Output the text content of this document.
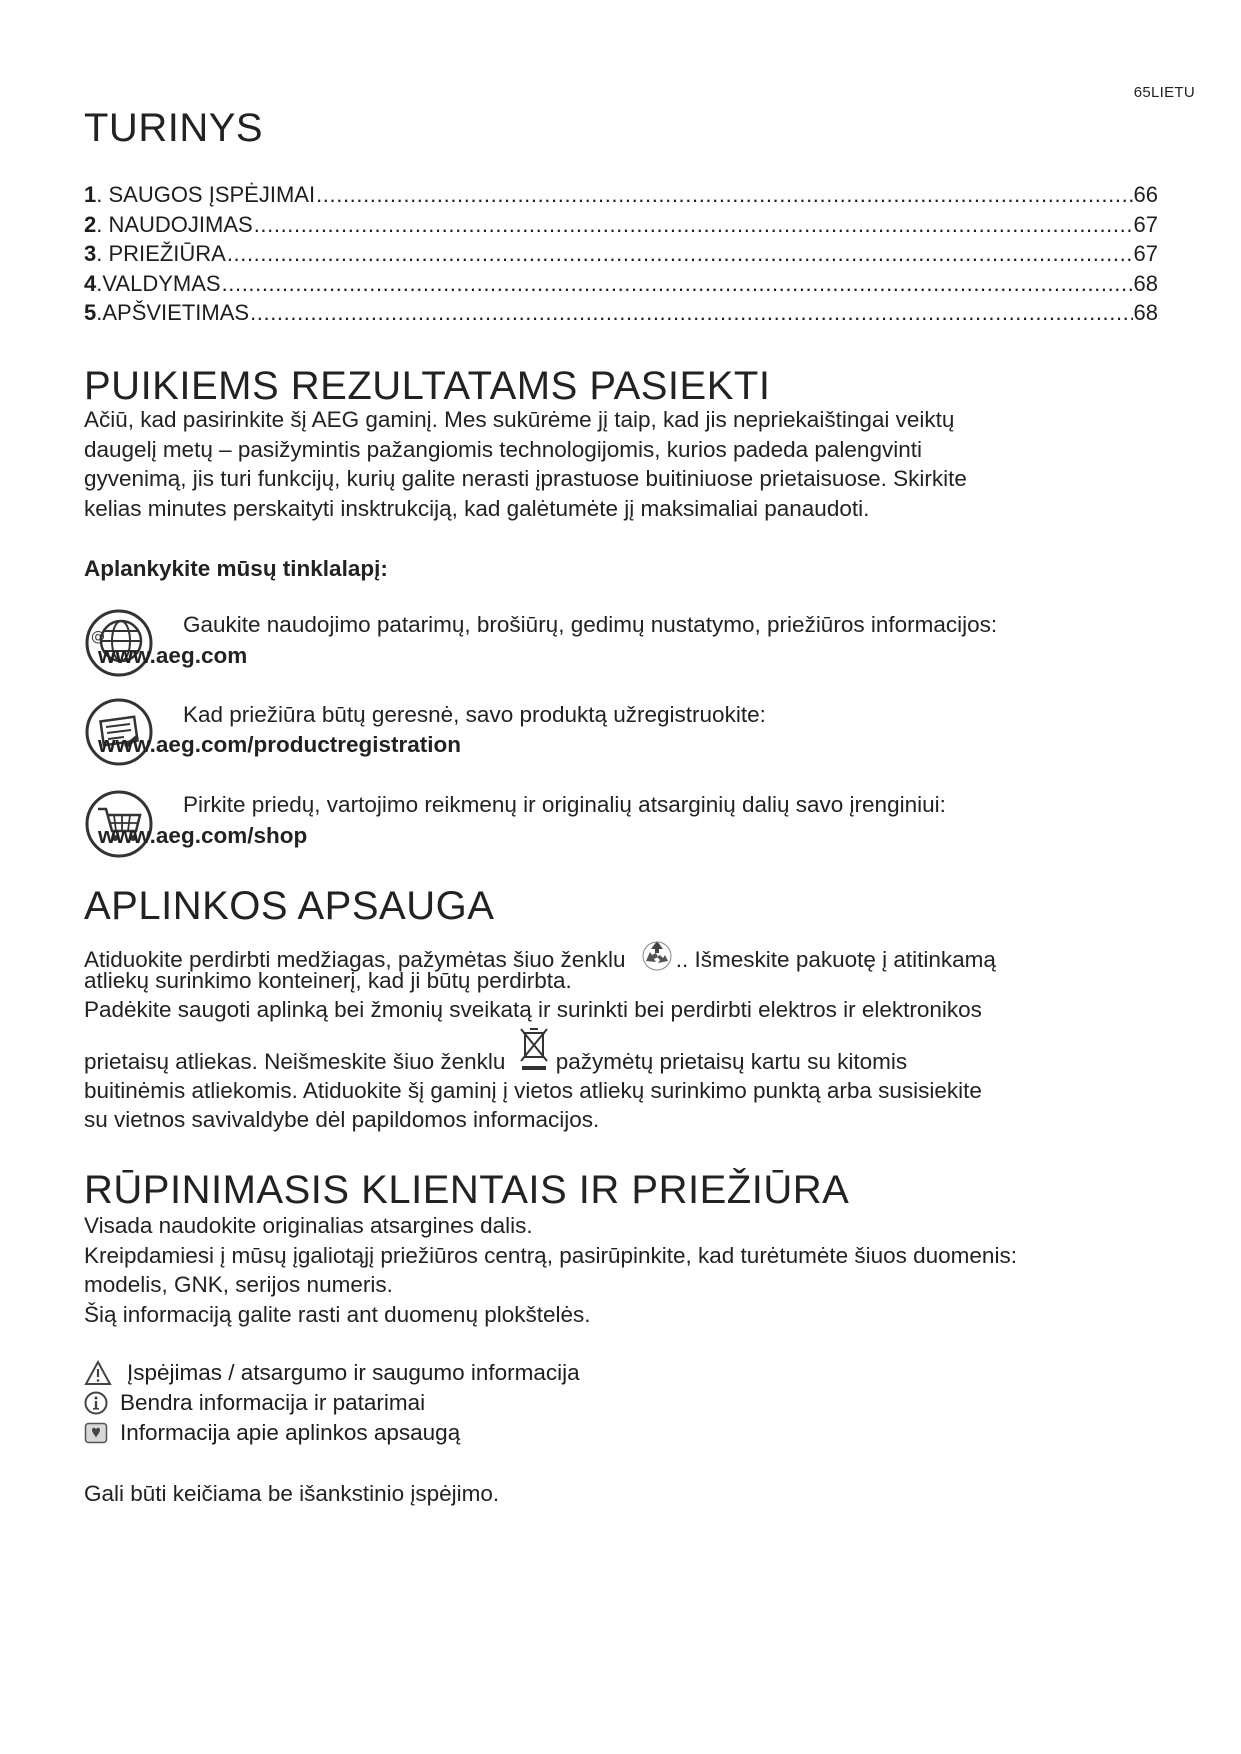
65LIETU
TURINYS
1 . SAUGOS ĮSPĖJIMAI .....	66
2 . NAUDOJIMAS .....	67
3 . PRIEŽIŪRA .....	67
4 .VALDYMAS .....	68
5 .APŠVIETIMAS .....	68
PUIKIEMS REZULTATAMS PASIEKTI
Ačiū, kad pasirinkite šį AEG gaminį. Mes sukūrėme jį taip, kad jis nepriekaištingai veiktų
daugelį metų – pasižymintis pažangiomis technologijomis, kurios padeda palengvinti
gyvenimą, jis turi funkcijų, kurių galite nerasti įprastuose buitiniuose prietaisuose. Skirkite
kelias minutes perskaityti insktrukciją, kad galėtumėte jį maksimaliai panaudoti.
Aplankykite mūsų tinklalapį:
@	Gaukite naudojimo patarimų, brošiūrų, gedimų nustatymo, priežiūros informacijos:
www.aeg.com
Kad priežiūra būtų geresnė, savo produktą užregistruokite:
www.aeg.com/productregistration
Pirkite priedų, vartojimo reikmenų ir originalių atsarginių dalių savo įrenginiui:
www.aeg.com/shop
APLINKOS APSAUGA
Atiduokite perdirbti medžiagas, pažymėtas šiuo ženklu .. Išmeskite pakuotę į atitinkamą
atliekų surinkimo konteinerį, kad ji būtų perdirbta.
Padėkite saugoti aplinką bei žmonių sveikatą ir surinkti bei perdirbti elektros ir elektronikos
prietaisų atliekas. Neišmeskite šiuo ženklu pažymėtų prietaisų kartu su kitomis
buitinėmis atliekomis. Atiduokite šį gaminį į vietos atliekų surinkimo punktą arba susisiekite
su vietnos savivaldybe dėl papildomos informacijos.
RŪPINIMASIS KLIENTAIS IR PRIEŽIŪRA
Visada naudokite originalias atsargines dalis.
Kreipdamiesi į mūsų įgaliotąjį priežiūros centrą, pasirūpinkite, kad turėtumėte šiuos duomenis:
modelis, GNK, serijos numeris.
Šią informaciją galite rasti ant duomenų plokštelės.
Įspėjimas / atsargumo ir saugumo informacija
Bendra informacija ir patarimai
Informacija apie aplinkos apsaugą
Gali būti keičiama be išankstinio įspėjimo.
